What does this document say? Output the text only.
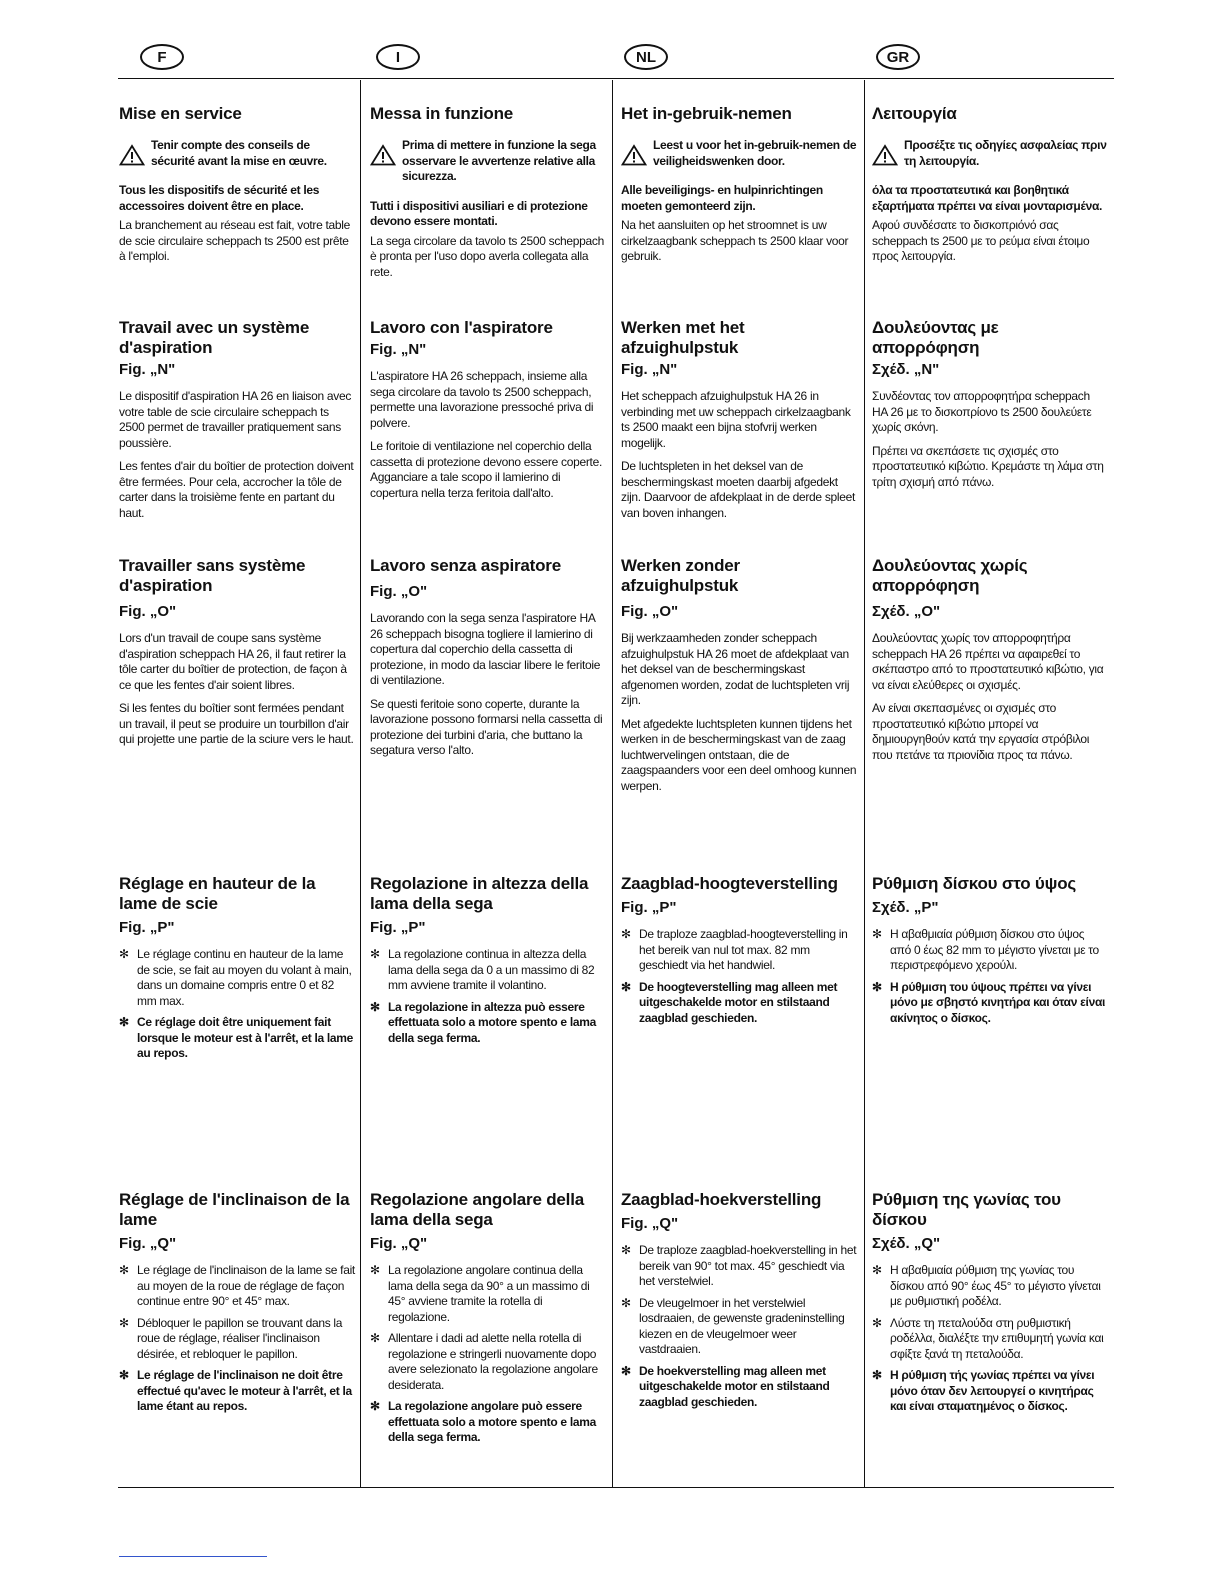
F	I	NL	GR
Mise en service
Tenir compte des conseils de sécurité avant la mise en œuvre.

Tous les dispositifs de sécurité et les accessoires doivent être en place.

La branchement au réseau est fait, votre table de scie circulaire scheppach ts 2500 est prête à l'emploi.

Travail avec un système d'aspiration

Fig. „N"

Le dispositif d'aspiration HA 26 en liaison avec votre table de scie circulaire scheppach ts 2500 permet de travailler pratiquement sans poussière.

Les fentes d'air du boîtier de protection doivent être fermées. Pour cela, accrocher la tôle de carter dans la troisième fente en partant du haut.

Travailler sans système d'aspiration

Fig. „O"

Lors d'un travail de coupe sans système d'aspiration scheppach HA 26, il faut retirer la tôle carter du boîtier de protection, de façon à ce que les fentes d'air soient libres.

Si les fentes du boîtier sont fermées pendant un travail, il peut se produire un tourbillon d'air qui projette une partie de la sciure vers le haut.

Réglage en hauteur de la lame de scie

Fig. „P"

✻ Le réglage continu en hauteur de la lame de scie, se fait au moyen du volant à main, dans un domaine compris entre 0 et 82 mm max.
✻ Ce réglage doit être uniquement fait lorsque le moteur est à l'arrêt, et la lame au repos.
Réglage de l'inclinaison de la lame

Fig. „Q"

✻ Le réglage de l'inclinaison de la lame se fait au moyen de la roue de réglage de façon continue entre 90° et 45° max.
✻ Débloquer le papillon se trouvant dans la roue de réglage, réaliser l'inclinaison désirée, et rebloquer le papillon.
✻ Le réglage de l'inclinaison ne doit être effectué qu'avec le moteur à l'arrêt, et la lame étant au repos.
Messa in funzione
Prima di mettere in funzione la sega osservare le avvertenze relative alla sicurezza.

Tutti i dispositivi ausiliari e di protezione devono essere montati.

La sega circolare da tavolo ts 2500 scheppach è pronta per l'uso dopo averla collegata alla rete.

Lavoro con l'aspiratore

Fig. „N"

L'aspiratore HA 26 scheppach, insieme alla sega circolare da tavolo ts 2500 scheppach, permette una lavorazione pressoché priva di polvere.

Le foritoie di ventilazione nel coperchio della cassetta di protezione devono essere coperte. Agganciare a tale scopo il lamierino di copertura nella terza feritoia dall'alto.

Lavoro senza aspiratore

Fig. „O"

Lavorando con la sega senza l'aspiratore HA 26 scheppach bisogna togliere il lamierino di copertura dal coperchio della cassetta di protezione, in modo da lasciar libere le feritoie di ventilazione.

Se questi feritoie sono coperte, durante la lavorazione possono formarsi nella cassetta di protezione dei turbini d'aria, che buttano la segatura verso l'alto.

Regolazione in altezza della lama della sega

Fig. „P"

✻ La regolazione continua in altezza della lama della sega da 0 a un massimo di 82 mm avviene tramite il volantino.
✻ La regolazione in altezza può essere effettuata solo a motore spento e lama della sega ferma.
Regolazione angolare della lama della sega

Fig. „Q"

✻ La regolazione angolare continua della lama della sega da 90° a un massimo di 45° avviene tramite la rotella di regolazione.
✻ Allentare i dadi ad alette nella rotella di regolazione e stringerli nuovamente dopo avere selezionato la regolazione angolare desiderata.
✻ La regolazione angolare può essere effettuata solo a motore spento e lama della sega ferma.
Het in-gebruik-nemen
Leest u voor het in-gebruik-nemen de veiligheidswenken door.

Alle beveiligings- en hulpinrichtingen moeten gemonteerd zijn.

Na het aansluiten op het stroomnet is uw cirkelzaagbank scheppach ts 2500 klaar voor gebruik.

Werken met het afzuighulpstuk

Fig. „N"

Het scheppach afzuighulpstuk HA 26 in verbinding met uw scheppach cirkelzaagbank ts 2500 maakt een bijna stofvrij werken mogelijk.

De luchtspleten in het deksel van de beschermingskast moeten daarbij afgedekt zijn. Daarvoor de afdekplaat in de derde spleet van boven inhangen.

Werken zonder afzuighulpstuk

Fig. „O"

Bij werkzaamheden zonder scheppach afzuighulpstuk HA 26 moet de afdekplaat van het deksel van de beschermingskast afgenomen worden, zodat de luchtspleten vrij zijn.

Met afgedekte luchtspleten kunnen tijdens het werken in de beschermingskast van de zaag luchtwervelingen ontstaan, die de zaagspaanders voor een deel omhoog kunnen werpen.

Zaagblad-hoogteverstelling

Fig. „P"

✻ De traploze zaagblad-hoogteverstelling in het bereik van nul tot max. 82 mm geschiedt via het handwiel.
✻ De hoogteverstelling mag alleen met uitgeschakelde motor en stilstaand zaagblad geschieden.
Zaagblad-hoekverstelling

Fig. „Q"

✻ De traploze zaagblad-hoekverstelling in het bereik van 90° tot max. 45° geschiedt via het verstelwiel.
✻ De vleugelmoer in het verstelwiel losdraaien, de gewenste gradeninstelling kiezen en de vleugelmoer weer vastdraaien.
✻ De hoekverstelling mag alleen met uitgeschakelde motor en stilstaand zaagblad geschieden.
Λειτουργία
Προσέξτε τις οδηγίες ασφαλείας πριν τη λειτουργία.

όλα τα προστατευτικά και βοηθητικά εξαρτήματα πρέπει να είναι μονταρισμένα.

Αφού συνδέσατε το δισκοπριόνό σας scheppach ts 2500 με το ρεύμα είναι έτοιμο προς λειτουργία.

Δουλεύοντας με απορρόφηση

Σχέδ. „N"

Συνδέοντας τον απορροφητήρα scheppach HA 26 με το δισκοπρίονο ts 2500 δουλεύετε χωρίς σκόνη.

Πρέπει να σκεπάσετε τις σχισμές στο προστατευτικό κιβώτιο. Κρεμάστε τη λάμα στη τρίτη σχισμή από πάνω.

Δουλεύοντας χωρίς απορρόφηση

Σχέδ. „O"

Δουλεύοντας χωρίς τον απορροφητήρα scheppach HA 26 πρέπει να αφαιρεθεί το σκέπαστρο από το προστατευτικό κιβώτιο, για να είναι ελεύθερες οι σχισμές.

Αν είναι σκεπασμένες οι σχισμές στο προστατευτικό κιβώτιο μπορεί να δημιουργηθούν κατά την εργασία στρόβιλοι που πετάνε τα πριονίδια προς τα πάνω.

Ρύθμιση δίσκου στο ύψος

Σχέδ. „P"

✻ Η αβαθμιαία ρύθμιση δίσκου στο ύψος από 0 έως 82 mm το μέγιστο γίνεται με το περιστρεφόμενο χερούλι.
✻ Η ρύθμιση του ύψους πρέπει να γίνει μόνο με σβηστό κινητήρα και όταν είναι ακίνητος ο δίσκος.
Ρύθμιση της γωνίας του δίσκου

Σχέδ. „Q"

✻ Η αβαθμιαία ρύθμιση της γωνίας του δίσκου από 90° έως 45° το μέγιστο γίνεται με ρυθμιστική ροδέλα.
✻ Λύστε τη πεταλούδα στη ρυθμιστική ροδέλλα, διαλέξτε την επιθυμητή γωνία και σφίξτε ξανά τη πεταλούδα.
✻ Η ρύθμιση τής γωνίας πρέπει να γίνει μόνο όταν δεν λειτουργεί ο κινητήρας και είναι σταματημένος ο δίσκος.
